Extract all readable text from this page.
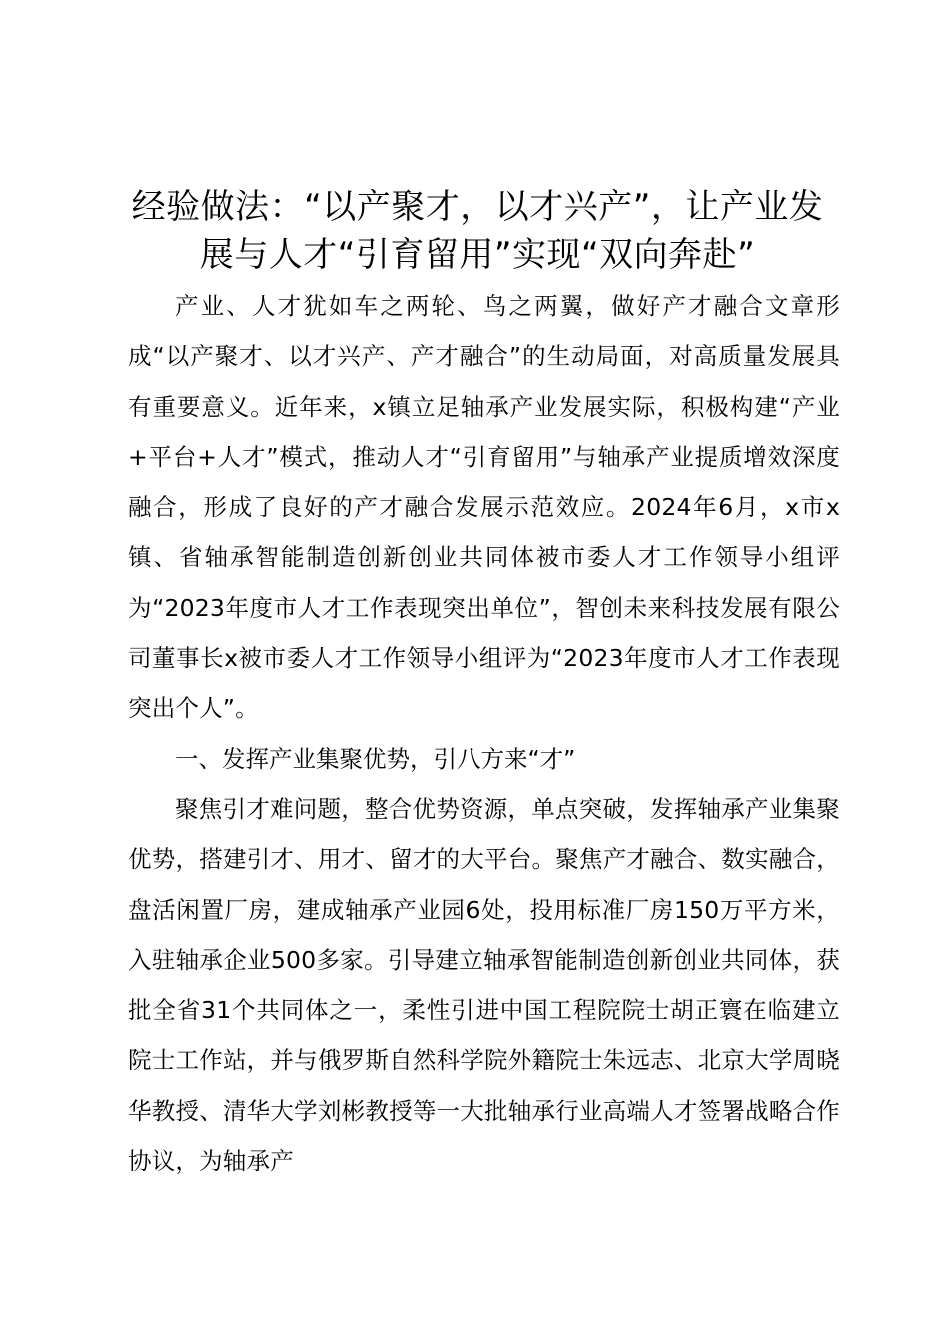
经验做法：“以产聚才，以才兴产”，让产业发展与人才“引育留用”实现“双向奔赴”

产业、人才犹如车之两轮、鸟之两翼，做好产才融合文章形成“以产聚才、以才兴产、产才融合”的生动局面，对高质量发展具有重要意义。近年来，x镇立足轴承产业发展实际，积极构建“产业+平台+人才”模式，推动人才“引育留用”与轴承产业提质增效深度融合，形成了良好的产才融合发展示范效应。2024年6月，x市x镇、省轴承智能制造创新创业共同体被市委人才工作领导小组评为“2023年度市人才工作表现突出单位”，智创未来科技发展有限公司董事长x被市委人才工作领导小组评为“2023年度市人才工作表现突出个人”。

一、发挥产业集聚优势，引八方来“才”

聚焦引才难问题，整合优势资源，单点突破，发挥轴承产业集聚优势，搭建引才、用才、留才的大平台。聚焦产才融合、数实融合，盘活闲置厂房，建成轴承产业园6处，投用标准厂房150万平方米，入驻轴承企业500多家。引导建立轴承智能制造创新创业共同体，获批全省31个共同体之一，柔性引进中国工程院院士胡正寰在临建立院士工作站，并与俄罗斯自然科学院外籍院士朱远志、北京大学周晓华教授、清华大学刘彬教授等一大批轴承行业高端人才签署战略合作协议，为轴承产
